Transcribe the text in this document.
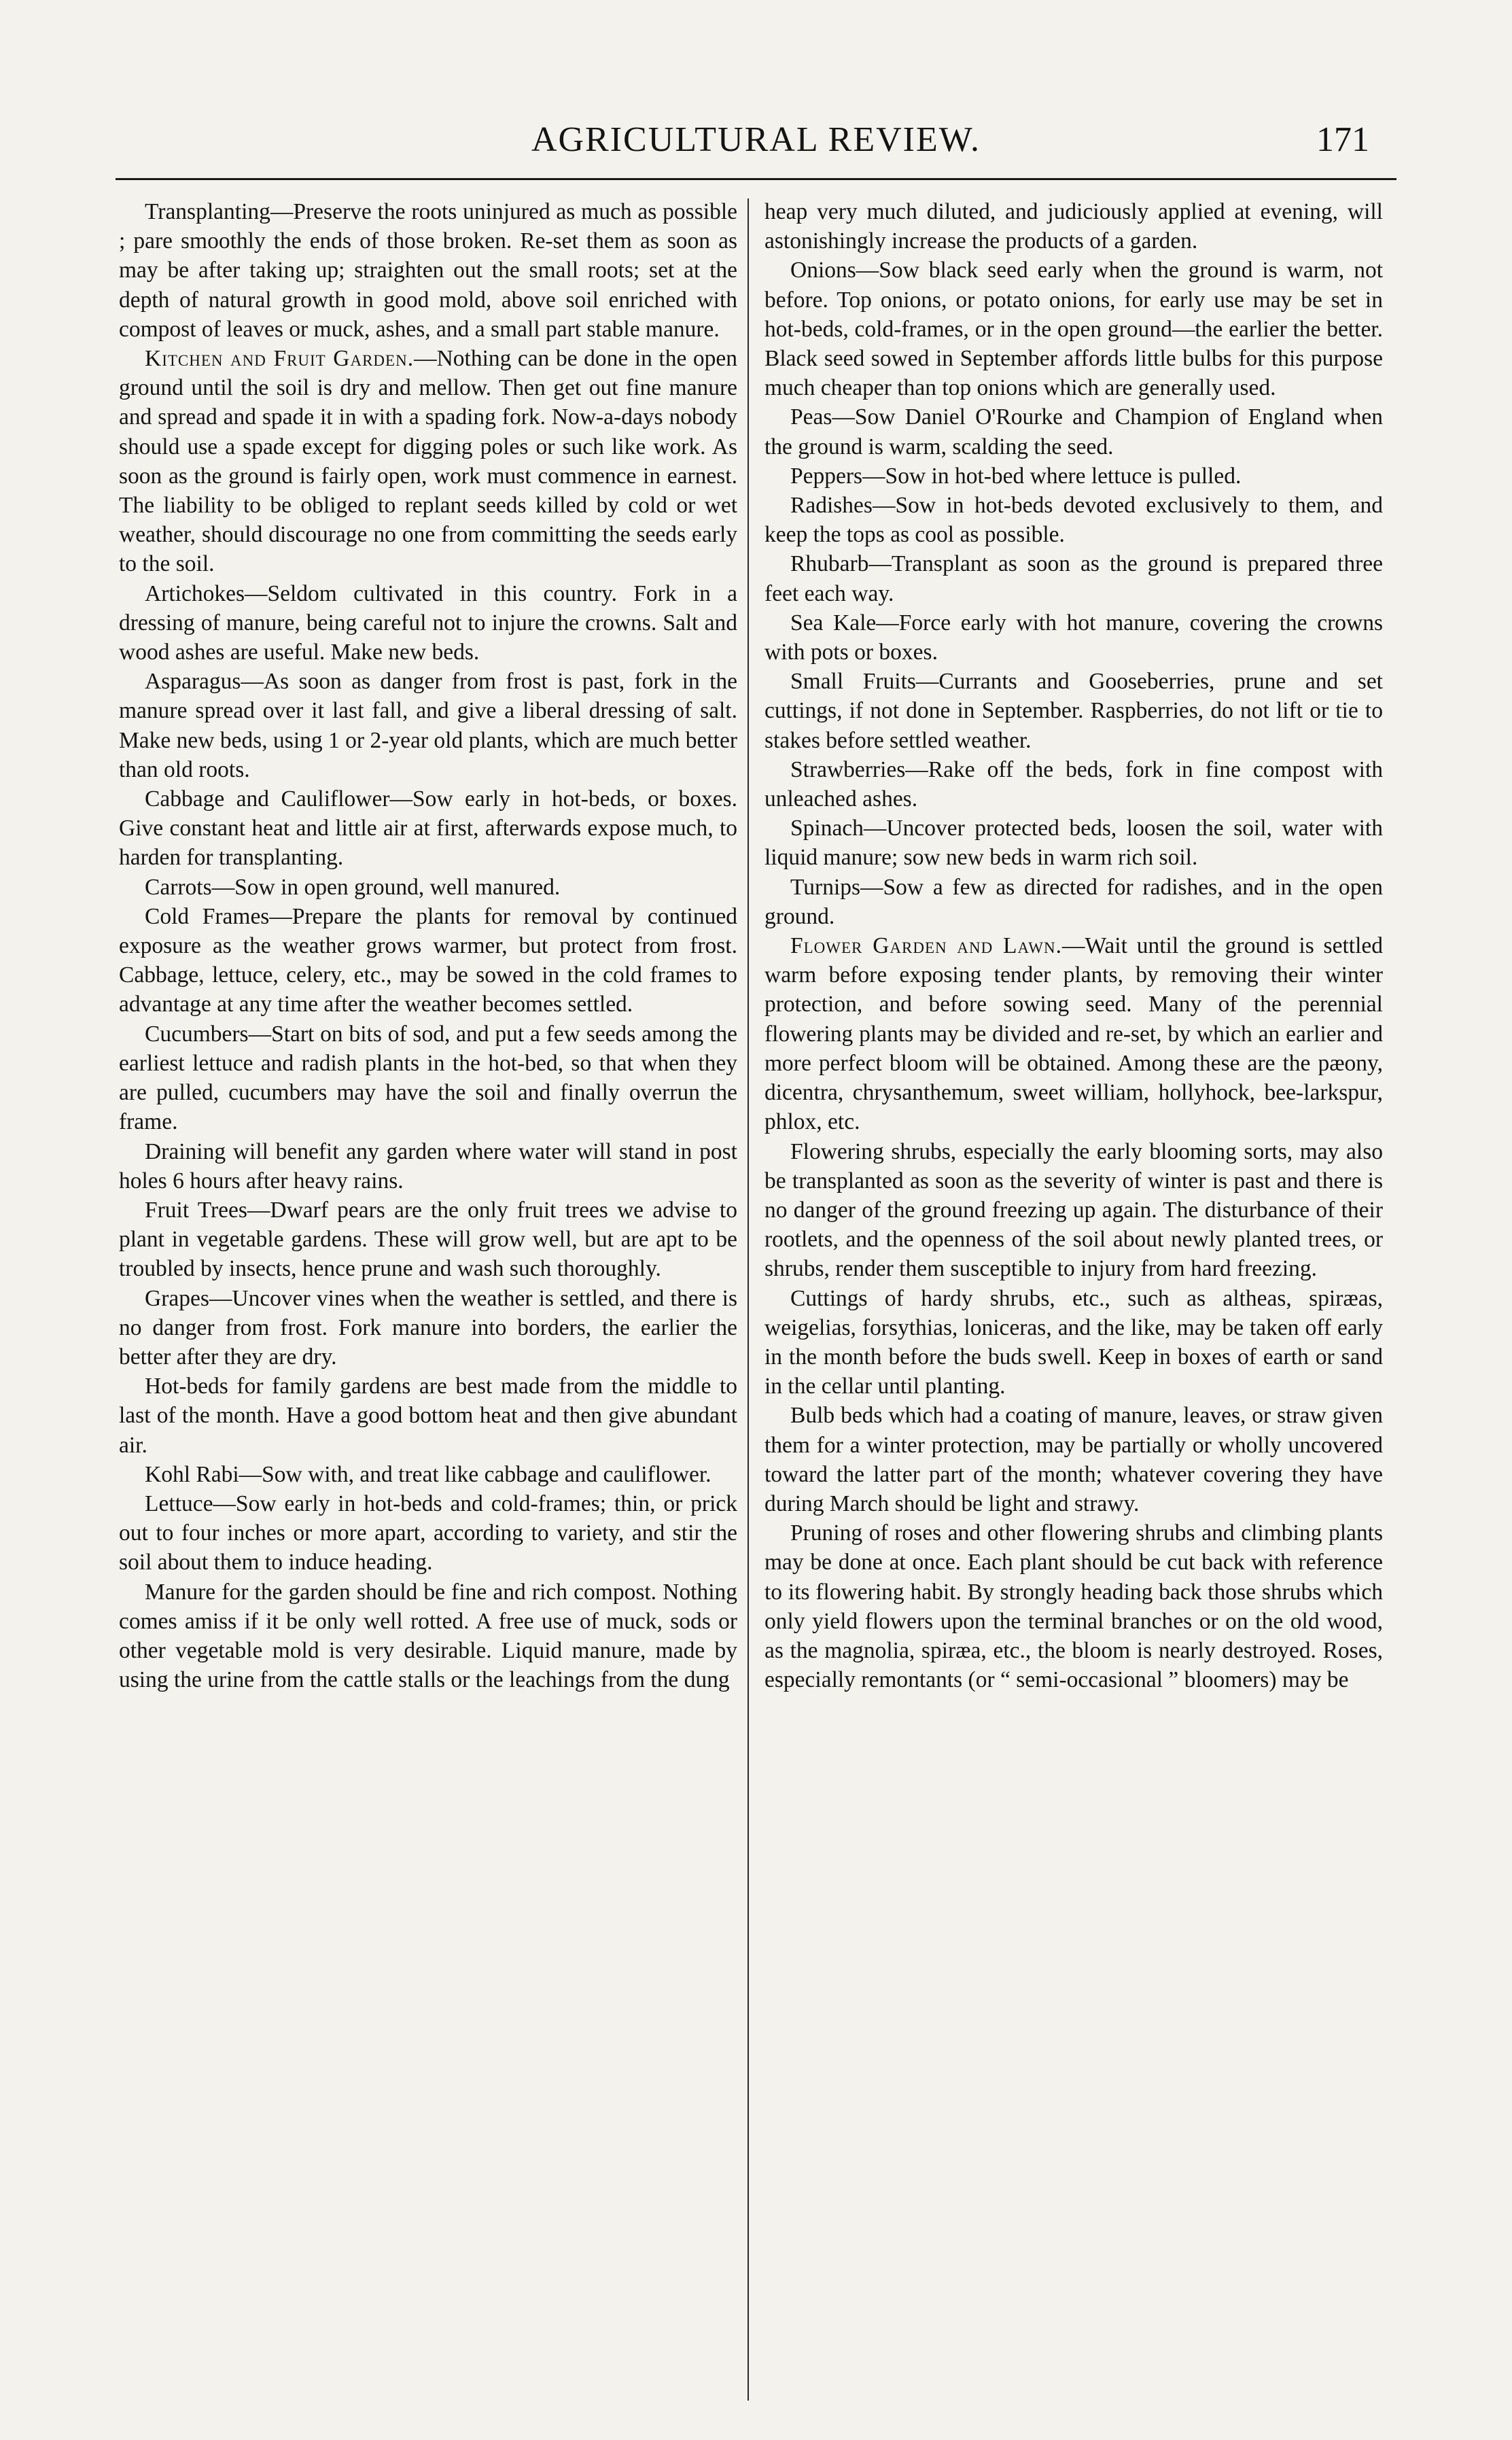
AGRICULTURAL REVIEW.	171

Transplanting—Preserve the roots uninjured as much as possible ; pare smoothly the ends of those broken. Re-set them as soon as may be after taking up; straighten out the small roots; set at the depth of natural growth in good mold, above soil enriched with compost of leaves or muck, ashes, and a small part stable manure.

Kitchen and Fruit Garden.—Nothing can be done in the open ground until the soil is dry and mellow. Then get out fine manure and spread and spade it in with a spading fork. Now-a-days nobody should use a spade except for digging poles or such like work. As soon as the ground is fairly open, work must commence in earnest. The liability to be obliged to replant seeds killed by cold or wet weather, should discourage no one from committing the seeds early to the soil.

Artichokes—Seldom cultivated in this country. Fork in a dressing of manure, being careful not to injure the crowns. Salt and wood ashes are useful. Make new beds.

Asparagus—As soon as danger from frost is past, fork in the manure spread over it last fall, and give a liberal dressing of salt. Make new beds, using 1 or 2-year old plants, which are much better than old roots.

Cabbage and Cauliflower—Sow early in hot-beds, or boxes. Give constant heat and little air at first, afterwards expose much, to harden for transplanting.

Carrots—Sow in open ground, well manured.

Cold Frames—Prepare the plants for removal by continued exposure as the weather grows warmer, but protect from frost. Cabbage, lettuce, celery, etc., may be sowed in the cold frames to advantage at any time after the weather becomes settled.

Cucumbers—Start on bits of sod, and put a few seeds among the earliest lettuce and radish plants in the hot-bed, so that when they are pulled, cucumbers may have the soil and finally overrun the frame.

Draining will benefit any garden where water will stand in post holes 6 hours after heavy rains.

Fruit Trees—Dwarf pears are the only fruit trees we advise to plant in vegetable gardens. These will grow well, but are apt to be troubled by insects, hence prune and wash such thoroughly.

Grapes—Uncover vines when the weather is settled, and there is no danger from frost. Fork manure into borders, the earlier the better after they are dry.

Hot-beds for family gardens are best made from the middle to last of the month. Have a good bottom heat and then give abundant air.

Kohl Rabi—Sow with, and treat like cabbage and cauliflower.

Lettuce—Sow early in hot-beds and cold-frames; thin, or prick out to four inches or more apart, according to variety, and stir the soil about them to induce heading.

Manure for the garden should be fine and rich compost. Nothing comes amiss if it be only well rotted. A free use of muck, sods or other vegetable mold is very desirable. Liquid manure, made by using the urine from the cattle stalls or the leachings from the dung

heap very much diluted, and judiciously applied at evening, will astonishingly increase the products of a garden.

Onions—Sow black seed early when the ground is warm, not before. Top onions, or potato onions, for early use may be set in hot-beds, cold-frames, or in the open ground—the earlier the better. Black seed sowed in September affords little bulbs for this purpose much cheaper than top onions which are generally used.

Peas—Sow Daniel O'Rourke and Champion of England when the ground is warm, scalding the seed.

Peppers—Sow in hot-bed where lettuce is pulled.

Radishes—Sow in hot-beds devoted exclusively to them, and keep the tops as cool as possible.

Rhubarb—Transplant as soon as the ground is prepared three feet each way.

Sea Kale—Force early with hot manure, covering the crowns with pots or boxes.

Small Fruits—Currants and Gooseberries, prune and set cuttings, if not done in September. Raspberries, do not lift or tie to stakes before settled weather.

Strawberries—Rake off the beds, fork in fine compost with unleached ashes.

Spinach—Uncover protected beds, loosen the soil, water with liquid manure; sow new beds in warm rich soil.

Turnips—Sow a few as directed for radishes, and in the open ground.

Flower Garden and Lawn.—Wait until the ground is settled warm before exposing tender plants, by removing their winter protection, and before sowing seed. Many of the perennial flowering plants may be divided and re-set, by which an earlier and more perfect bloom will be obtained. Among these are the pæony, dicentra, chrysanthemum, sweet william, hollyhock, bee-larkspur, phlox, etc.

Flowering shrubs, especially the early blooming sorts, may also be transplanted as soon as the severity of winter is past and there is no danger of the ground freezing up again. The disturbance of their rootlets, and the openness of the soil about newly planted trees, or shrubs, render them susceptible to injury from hard freezing.

Cuttings of hardy shrubs, etc., such as altheas, spiræas, weigelias, forsythias, loniceras, and the like, may be taken off early in the month before the buds swell. Keep in boxes of earth or sand in the cellar until planting.

Bulb beds which had a coating of manure, leaves, or straw given them for a winter protection, may be partially or wholly uncovered toward the latter part of the month; whatever covering they have during March should be light and strawy.

Pruning of roses and other flowering shrubs and climbing plants may be done at once. Each plant should be cut back with reference to its flowering habit. By strongly heading back those shrubs which only yield flowers upon the terminal branches or on the old wood, as the magnolia, spiræa, etc., the bloom is nearly destroyed. Roses, especially remontants (or “ semi-occasional ” bloomers) may be
